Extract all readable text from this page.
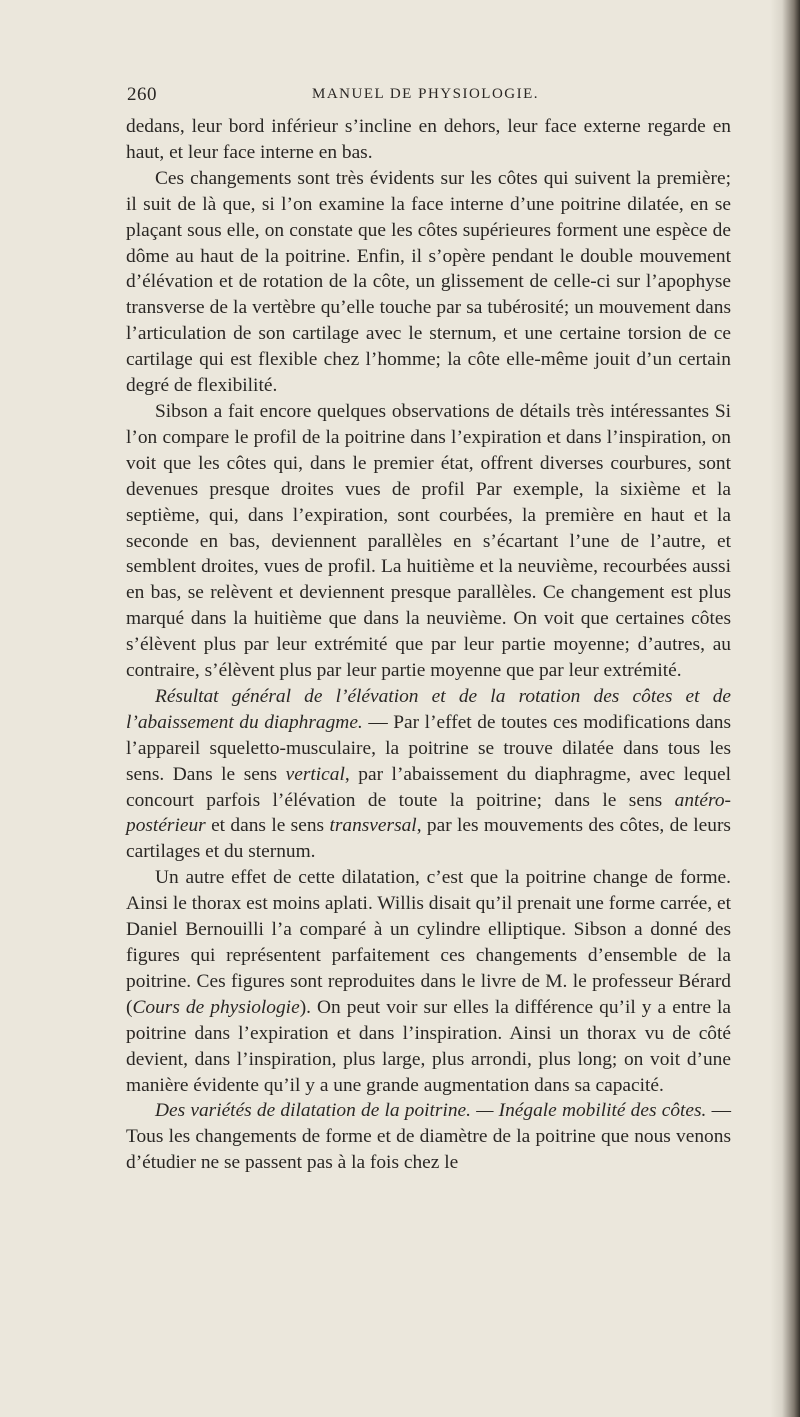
260	MANUEL DE PHYSIOLOGIE.

dedans, leur bord inférieur s’incline en dehors, leur face externe regarde en haut, et leur face interne en bas.

Ces changements sont très évidents sur les côtes qui suivent la première; il suit de là que, si l’on examine la face interne d’une poitrine dilatée, en se plaçant sous elle, on constate que les côtes supérieures forment une espèce de dôme au haut de la poitrine. Enfin, il s’opère pendant le double mouvement d’élévation et de rotation de la côte, un glissement de celle-ci sur l’apophyse transverse de la vertèbre qu’elle touche par sa tubérosité; un mouvement dans l’articulation de son cartilage avec le sternum, et une certaine torsion de ce cartilage qui est flexible chez l’homme; la côte elle-même jouit d’un certain degré de flexibilité.

Sibson a fait encore quelques observations de détails très intéressantes Si l’on compare le profil de la poitrine dans l’expiration et dans l’inspiration, on voit que les côtes qui, dans le premier état, offrent diverses courbures, sont devenues presque droites vues de profil Par exemple, la sixième et la septième, qui, dans l’expiration, sont courbées, la première en haut et la seconde en bas, deviennent parallèles en s’écartant l’une de l’autre, et semblent droites, vues de profil. La huitième et la neuvième, recourbées aussi en bas, se relèvent et deviennent presque parallèles. Ce changement est plus marqué dans la huitième que dans la neuvième. On voit que certaines côtes s’élèvent plus par leur extrémité que par leur partie moyenne; d’autres, au contraire, s’élèvent plus par leur partie moyenne que par leur extrémité.

Résultat général de l’élévation et de la rotation des côtes et de l’abaissement du diaphragme. — Par l’effet de toutes ces modifications dans l’appareil squeletto-musculaire, la poitrine se trouve dilatée dans tous les sens. Dans le sens vertical, par l’abaissement du diaphragme, avec lequel concourt parfois l’élévation de toute la poitrine; dans le sens antéro-postérieur et dans le sens transversal, par les mouvements des côtes, de leurs cartilages et du sternum.

Un autre effet de cette dilatation, c’est que la poitrine change de forme. Ainsi le thorax est moins aplati. Willis disait qu’il prenait une forme carrée, et Daniel Bernouilli l’a comparé à un cylindre elliptique. Sibson a donné des figures qui représentent parfaitement ces changements d’ensemble de la poitrine. Ces figures sont reproduites dans le livre de M. le professeur Bérard (Cours de physiologie). On peut voir sur elles la différence qu’il y a entre la poitrine dans l’expiration et dans l’inspiration. Ainsi un thorax vu de côté devient, dans l’inspiration, plus large, plus arrondi, plus long; on voit d’une manière évidente qu’il y a une grande augmentation dans sa capacité.

Des variétés de dilatation de la poitrine. — Inégale mobilité des côtes. — Tous les changements de forme et de diamètre de la poitrine que nous venons d’étudier ne se passent pas à la fois chez le
